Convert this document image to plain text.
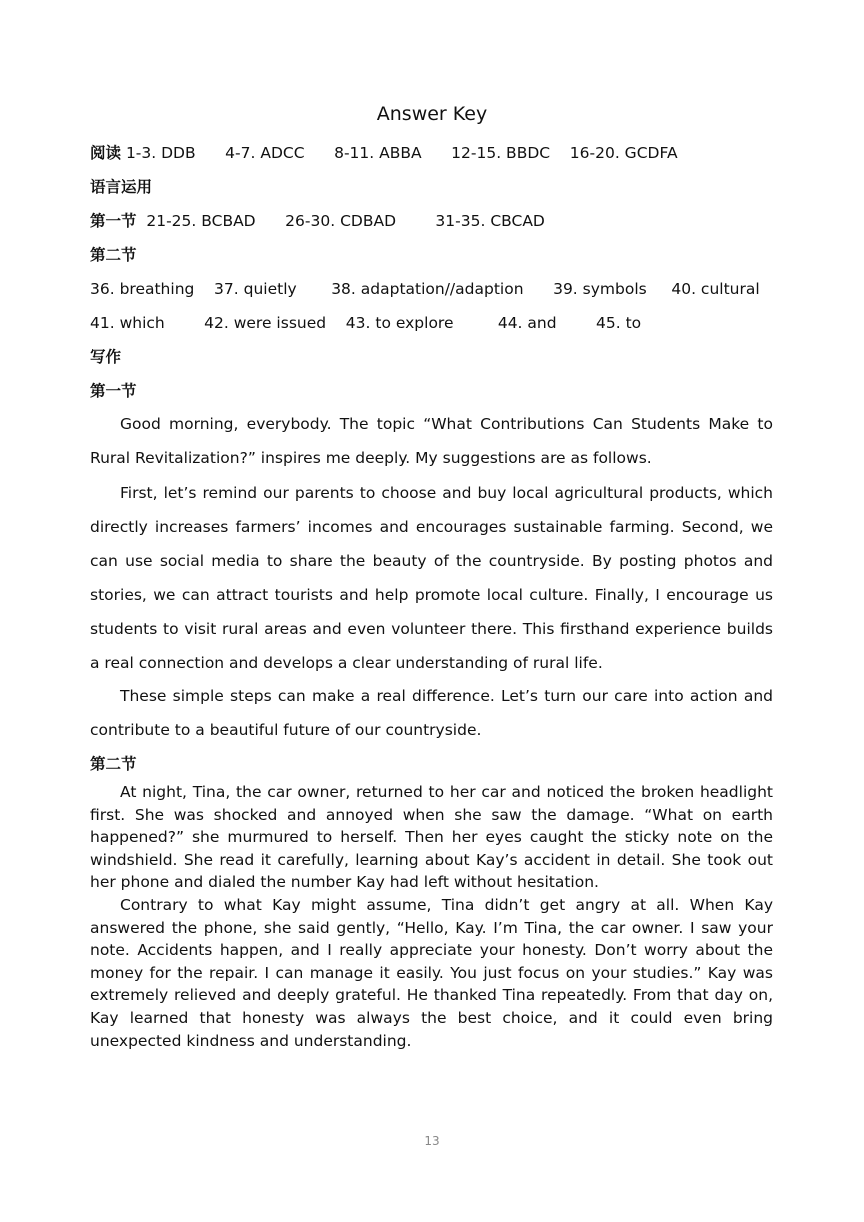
Answer Key
阅读 1-3. DDB      4-7. ADCC      8-11. ABBA      12-15. BBDC    16-20. GCDFA
语言运用
第一节  21-25. BCBAD      26-30. CDBAD        31-35. CBCAD
第二节
36. breathing    37. quietly       38. adaptation//adaption      39. symbols     40. cultural
41. which        42. were issued    43. to explore         44. and        45. to
写作
第一节
Good morning, everybody. The topic “What Contributions Can Students Make to Rural Revitalization?” inspires me deeply. My suggestions are as follows.
First, let’s remind our parents to choose and buy local agricultural products, which directly increases farmers’ incomes and encourages sustainable farming. Second, we can use social media to share the beauty of the countryside. By posting photos and stories, we can attract tourists and help promote local culture. Finally, I encourage us students to visit rural areas and even volunteer there. This firsthand experience builds a real connection and develops a clear understanding of rural life.
These simple steps can make a real difference. Let’s turn our care into action and contribute to a beautiful future of our countryside.
第二节
At night, Tina, the car owner, returned to her car and noticed the broken headlight first. She was shocked and annoyed when she saw the damage. “What on earth happened?” she murmured to herself. Then her eyes caught the sticky note on the windshield. She read it carefully, learning about Kay’s accident in detail. She took out her phone and dialed the number Kay had left without hesitation.
Contrary to what Kay might assume, Tina didn’t get angry at all. When Kay answered the phone, she said gently, “Hello, Kay. I’m Tina, the car owner. I saw your note. Accidents happen, and I really appreciate your honesty. Don’t worry about the money for the repair. I can manage it easily. You just focus on your studies.” Kay was extremely relieved and deeply grateful. He thanked Tina repeatedly. From that day on, Kay learned that honesty was always the best choice, and it could even bring unexpected kindness and understanding.
13
